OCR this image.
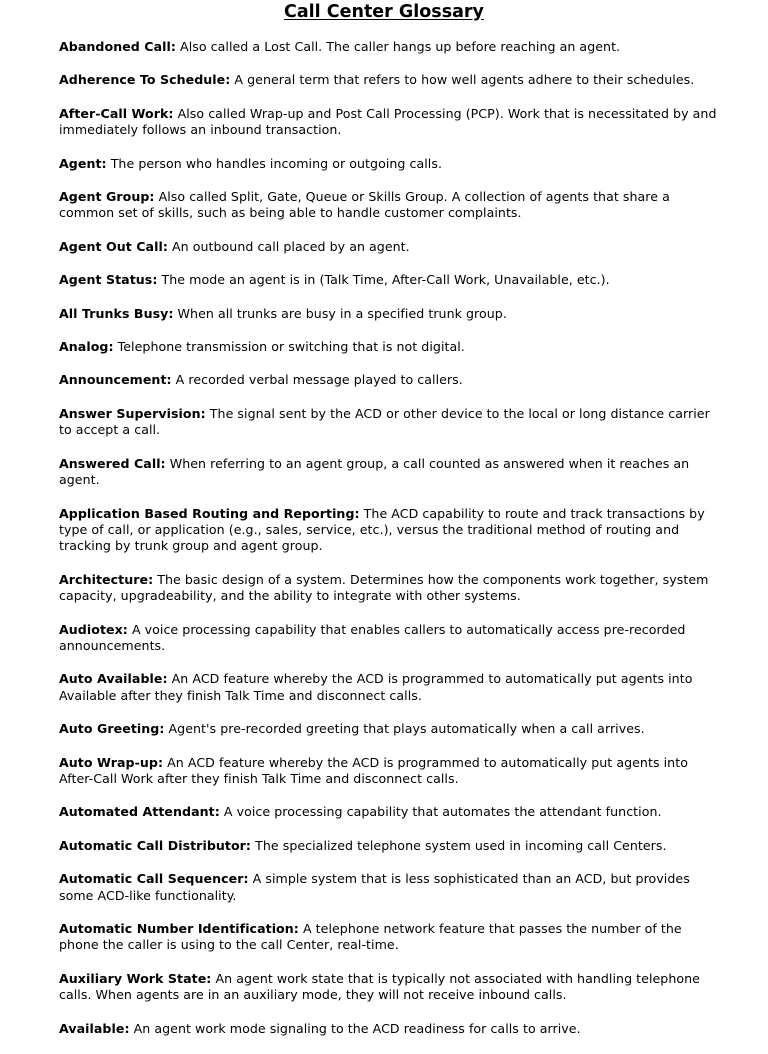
Call Center Glossary

Abandoned Call: Also called a Lost Call. The caller hangs up before reaching an agent.

Adherence To Schedule: A general term that refers to how well agents adhere to their schedules.

After-Call Work: Also called Wrap-up and Post Call Processing (PCP). Work that is necessitated by and immediately follows an inbound transaction.

Agent: The person who handles incoming or outgoing calls.

Agent Group: Also called Split, Gate, Queue or Skills Group. A collection of agents that share a common set of skills, such as being able to handle customer complaints.

Agent Out Call: An outbound call placed by an agent.

Agent Status: The mode an agent is in (Talk Time, After-Call Work, Unavailable, etc.).

All Trunks Busy: When all trunks are busy in a specified trunk group.

Analog: Telephone transmission or switching that is not digital.

Announcement: A recorded verbal message played to callers.

Answer Supervision: The signal sent by the ACD or other device to the local or long distance carrier to accept a call.

Answered Call: When referring to an agent group, a call counted as answered when it reaches an agent.

Application Based Routing and Reporting: The ACD capability to route and track transactions by type of call, or application (e.g., sales, service, etc.), versus the traditional method of routing and tracking by trunk group and agent group.

Architecture: The basic design of a system. Determines how the components work together, system capacity, upgradeability, and the ability to integrate with other systems.

Audiotex: A voice processing capability that enables callers to automatically access pre-recorded announcements.

Auto Available: An ACD feature whereby the ACD is programmed to automatically put agents into Available after they finish Talk Time and disconnect calls.

Auto Greeting: Agent's pre-recorded greeting that plays automatically when a call arrives.

Auto Wrap-up: An ACD feature whereby the ACD is programmed to automatically put agents into After-Call Work after they finish Talk Time and disconnect calls.

Automated Attendant: A voice processing capability that automates the attendant function.

Automatic Call Distributor: The specialized telephone system used in incoming call Centers.

Automatic Call Sequencer: A simple system that is less sophisticated than an ACD, but provides some ACD-like functionality.

Automatic Number Identification: A telephone network feature that passes the number of the phone the caller is using to the call Center, real-time.

Auxiliary Work State: An agent work state that is typically not associated with handling telephone calls. When agents are in an auxiliary mode, they will not receive inbound calls.

Available: An agent work mode signaling to the ACD readiness for calls to arrive.
